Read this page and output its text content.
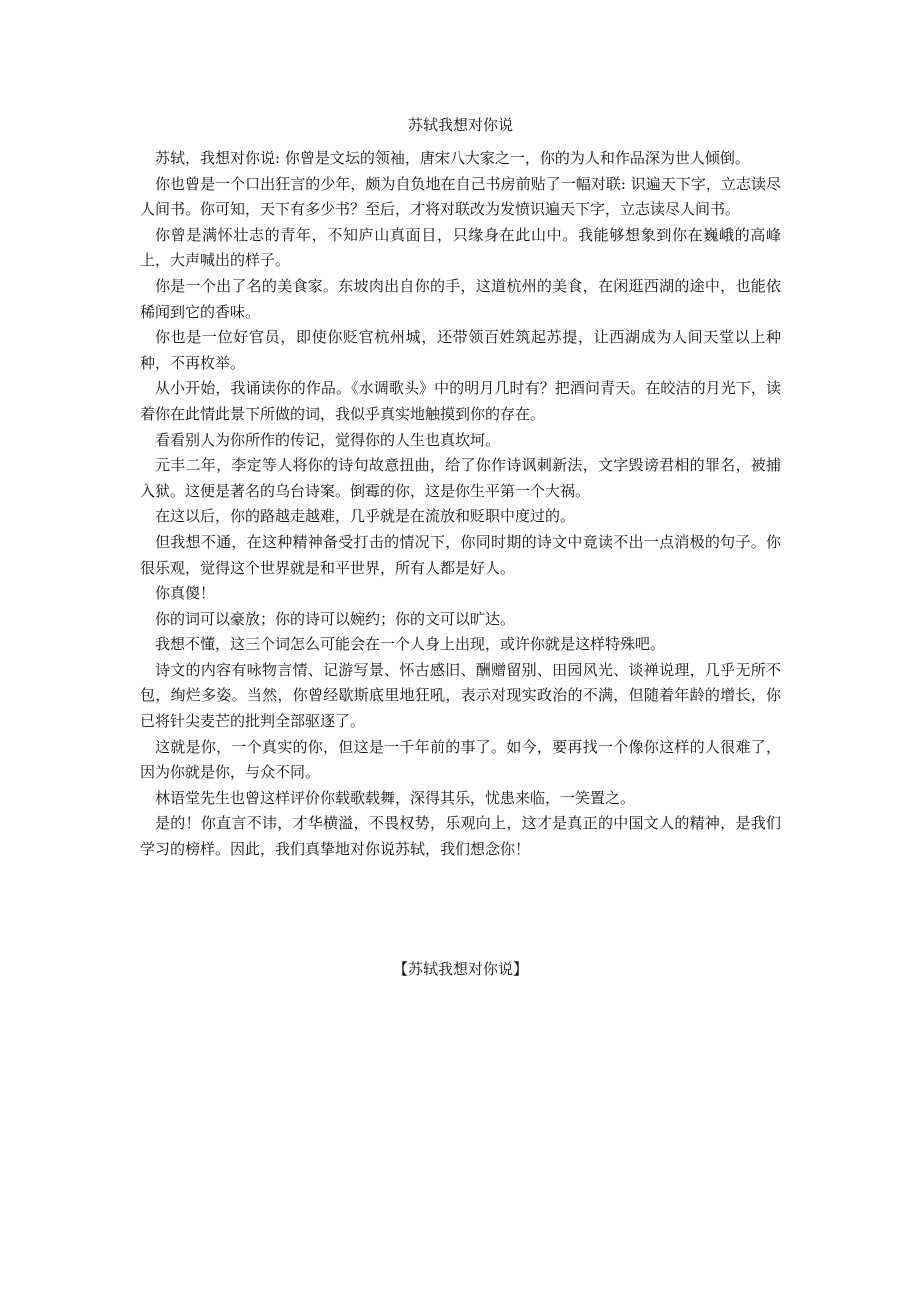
苏轼我想对你说

苏轼，我想对你说: 你曾是文坛的领袖，唐宋八大家之一，你的为人和作品深为世人倾倒。

你也曾是一个口出狂言的少年，颇为自负地在自己书房前贴了一幅对联: 识遍天下字，立志读尽人间书。你可知，天下有多少书？至后，才将对联改为发愤识遍天下字，立志读尽人间书。

你曾是满怀壮志的青年，不知庐山真面目，只缘身在此山中。我能够想象到你在巍峨的高峰上，大声喊出的样子。

你是一个出了名的美食家。东坡肉出自你的手，这道杭州的美食，在闲逛西湖的途中，也能依稀闻到它的香味。

你也是一位好官员，即使你贬官杭州城，还带领百姓筑起苏提，让西湖成为人间天堂以上种种，不再枚举。

从小开始，我诵读你的作品。《水调歌头》中的明月几时有？把酒问青天。在皎洁的月光下，读着你在此情此景下所做的词，我似乎真实地触摸到你的存在。

看看别人为你所作的传记，觉得你的人生也真坎坷。

元丰二年，李定等人将你的诗句故意扭曲，给了你作诗讽刺新法，文字毁谤君相的罪名，被捕入狱。这便是著名的乌台诗案。倒霉的你，这是你生平第一个大祸。

在这以后，你的路越走越难，几乎就是在流放和贬职中度过的。

但我想不通，在这种精神备受打击的情况下，你同时期的诗文中竟读不出一点消极的句子。你很乐观，觉得这个世界就是和平世界，所有人都是好人。

你真傻！

你的词可以豪放；你的诗可以婉约；你的文可以旷达。

我想不懂，这三个词怎么可能会在一个人身上出现，或许你就是这样特殊吧。

诗文的内容有咏物言情、记游写景、怀古感旧、酬赠留别、田园风光、谈禅说理，几乎无所不包，绚烂多姿。当然，你曾经歇斯底里地狂吼，表示对现实政治的不满，但随着年龄的增长，你已将针尖麦芒的批判全部驱逐了。

这就是你，一个真实的你，但这是一千年前的事了。如今，要再找一个像你这样的人很难了，因为你就是你，与众不同。

林语堂先生也曾这样评价你载歌载舞，深得其乐，忧患来临，一笑置之。

是的！你直言不讳，才华横溢，不畏权势，乐观向上，这才是真正的中国文人的精神，是我们学习的榜样。因此，我们真挚地对你说苏轼，我们想念你！

【苏轼我想对你说】
